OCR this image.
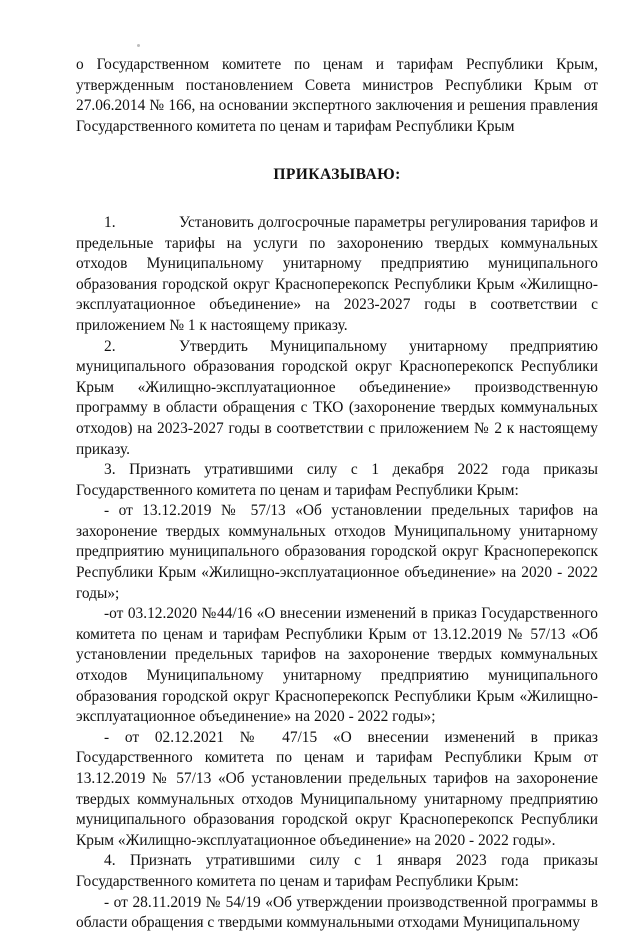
о Государственном комитете по ценам и тарифам Республики Крым, утвержденным постановлением Совета министров Республики Крым от 27.06.2014 № 166, на основании экспертного заключения и решения правления Государственного комитета по ценам и тарифам Республики Крым

ПРИКАЗЫВАЮ:

1.	Установить долгосрочные параметры регулирования тарифов и предельные тарифы на услуги по захоронению твердых коммунальных отходов Муниципальному унитарному предприятию муниципального образования городской округ Красноперекопск Республики Крым «Жилищно-эксплуатационное объединение» на 2023-2027 годы в соответствии с приложением № 1 к настоящему приказу.

2.	Утвердить Муниципальному унитарному предприятию муниципального образования городской округ Красноперекопск Республики Крым «Жилищно-эксплуатационное объединение» производственную программу в области обращения с ТКО (захоронение твердых коммунальных отходов) на 2023-2027 годы в соответствии с приложением № 2 к настоящему приказу.

3. Признать утратившими силу с 1 декабря 2022 года приказы Государственного комитета по ценам и тарифам Республики Крым:

- от 13.12.2019 № 57/13 «Об установлении предельных тарифов на захоронение твердых коммунальных отходов Муниципальному унитарному предприятию муниципального образования городской округ Красноперекопск Республики Крым «Жилищно-эксплуатационное объединение» на 2020 - 2022 годы»;

-от 03.12.2020 №44/16 «О внесении изменений в приказ Государственного комитета по ценам и тарифам Республики Крым от 13.12.2019 № 57/13 «Об установлении предельных тарифов на захоронение твердых коммунальных отходов Муниципальному унитарному предприятию муниципального образования городской округ Красноперекопск Республики Крым «Жилищно-эксплуатационное объединение» на 2020 - 2022 годы»;

- от 02.12.2021 № 47/15 «О внесении изменений в приказ Государственного комитета по ценам и тарифам Республики Крым от 13.12.2019 № 57/13 «Об установлении предельных тарифов на захоронение твердых коммунальных отходов Муниципальному унитарному предприятию муниципального образования городской округ Красноперекопск Республики Крым «Жилищно-эксплуатационное объединение» на 2020 - 2022 годы».

4. Признать утратившими силу с 1 января 2023 года приказы Государственного комитета по ценам и тарифам Республики Крым:

- от 28.11.2019 № 54/19 «Об утверждении производственной программы в области обращения с твердыми коммунальными отходами Муниципальному
